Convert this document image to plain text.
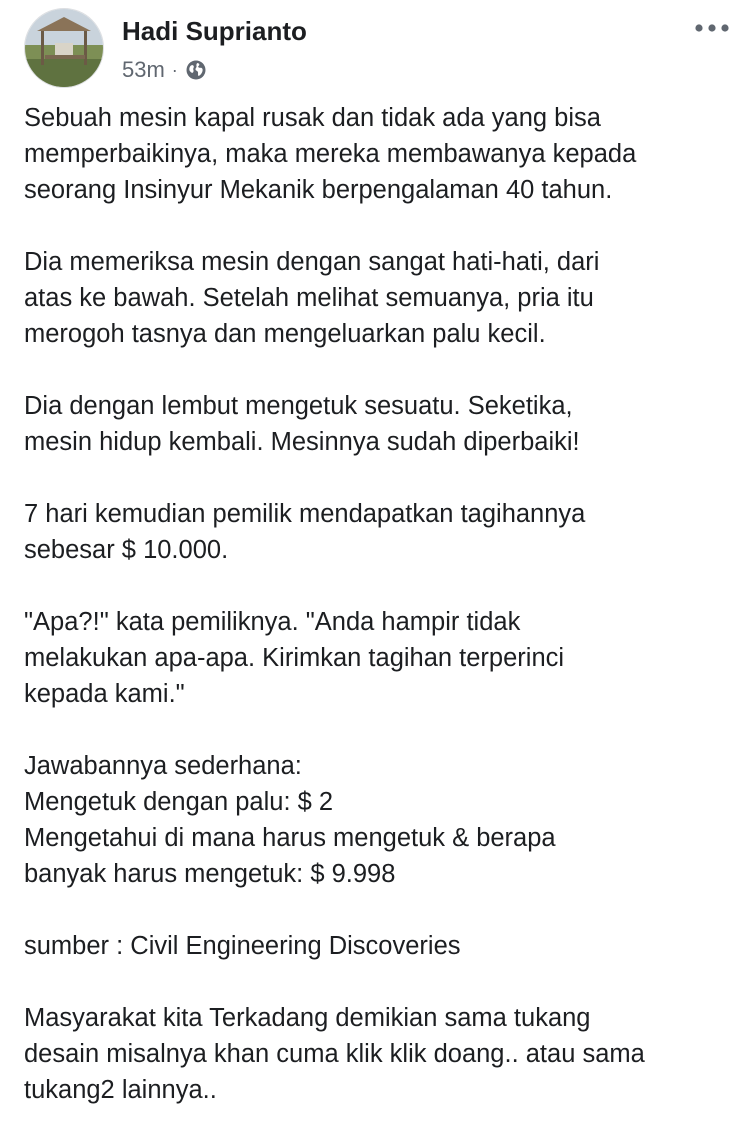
Hadi Suprianto
53m ·

Sebuah mesin kapal rusak dan tidak ada yang bisa
memperbaikinya, maka mereka membawanya kepada
seorang Insinyur Mekanik berpengalaman 40 tahun.

Dia memeriksa mesin dengan sangat hati-hati, dari
atas ke bawah. Setelah melihat semuanya, pria itu
merogoh tasnya dan mengeluarkan palu kecil.

Dia dengan lembut mengetuk sesuatu. Seketika,
mesin hidup kembali. Mesinnya sudah diperbaiki!

7 hari kemudian pemilik mendapatkan tagihannya
sebesar $ 10.000.

"Apa?!" kata pemiliknya. "Anda hampir tidak
melakukan apa-apa. Kirimkan tagihan terperinci
kepada kami."

Jawabannya sederhana:
Mengetuk dengan palu: $ 2
Mengetahui di mana harus mengetuk & berapa
banyak harus mengetuk: $ 9.998

sumber : Civil Engineering Discoveries

Masyarakat kita Terkadang demikian sama tukang
desain misalnya khan cuma klik klik doang.. atau sama
tukang2 lainnya..
